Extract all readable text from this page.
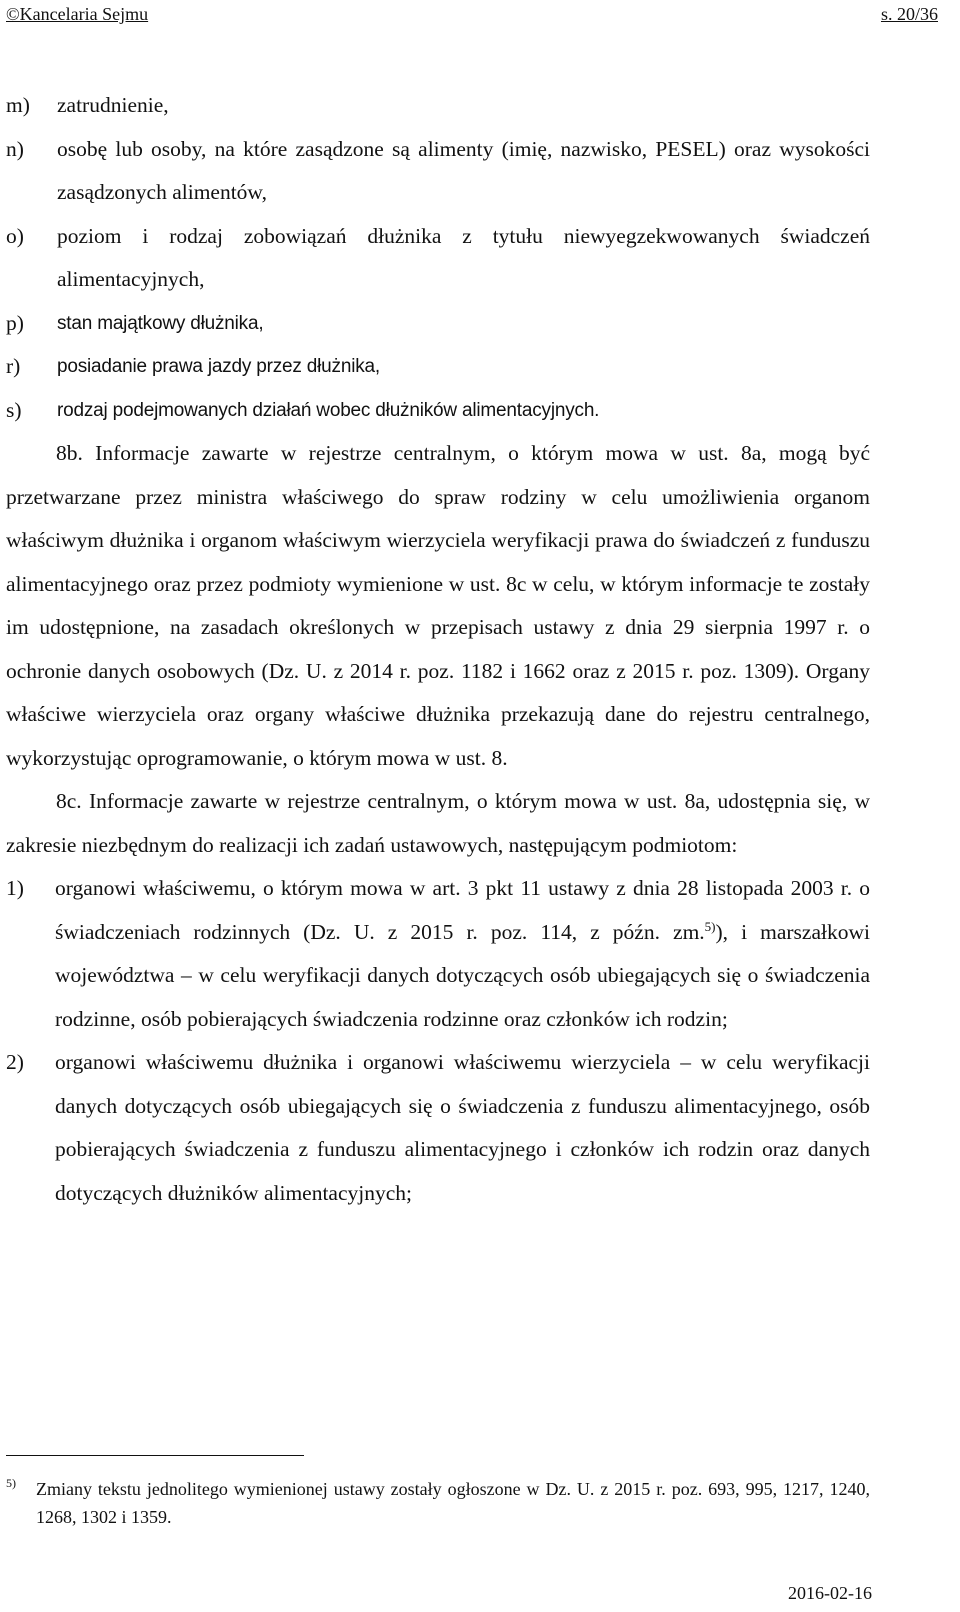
©Kancelaria Sejmu	s. 20/36
m)	zatrudnienie,
n)	osobę lub osoby, na które zasądzone są alimenty (imię, nazwisko, PESEL) oraz wysokości zasądzonych alimentów,
o)	poziom i rodzaj zobowiązań dłużnika z tytułu niewyegzekwowanych świadczeń alimentacyjnych,
p)	stan majątkowy dłużnika,
r)	posiadanie prawa jazdy przez dłużnika,
s)	rodzaj podejmowanych działań wobec dłużników alimentacyjnych.
8b. Informacje zawarte w rejestrze centralnym, o którym mowa w ust. 8a, mogą być przetwarzane przez ministra właściwego do spraw rodziny w celu umożliwienia organom właściwym dłużnika i organom właściwym wierzyciela weryfikacji prawa do świadczeń z funduszu alimentacyjnego oraz przez podmioty wymienione w ust. 8c w celu, w którym informacje te zostały im udostępnione, na zasadach określonych w przepisach ustawy z dnia 29 sierpnia 1997 r. o ochronie danych osobowych (Dz. U. z 2014 r. poz. 1182 i 1662 oraz z 2015 r. poz. 1309). Organy właściwe wierzyciela oraz organy właściwe dłużnika przekazują dane do rejestru centralnego, wykorzystując oprogramowanie, o którym mowa w ust. 8.
8c. Informacje zawarte w rejestrze centralnym, o którym mowa w ust. 8a, udostępnia się, w zakresie niezbędnym do realizacji ich zadań ustawowych, następującym podmiotom:
1)	organowi właściwemu, o którym mowa w art. 3 pkt 11 ustawy z dnia 28 listopada 2003 r. o świadczeniach rodzinnych (Dz. U. z 2015 r. poz. 114, z późn. zm.$^{5)}$), i marszałkowi województwa – w celu weryfikacji danych dotyczących osób ubiegających się o świadczenia rodzinne, osób pobierających świadczenia rodzinne oraz członków ich rodzin;
2)	organowi właściwemu dłużnika i organowi właściwemu wierzyciela – w celu weryfikacji danych dotyczących osób ubiegających się o świadczenia z funduszu alimentacyjnego, osób pobierających świadczenia z funduszu alimentacyjnego i członków ich rodzin oraz danych dotyczących dłużników alimentacyjnych;
5)	Zmiany tekstu jednolitego wymienionej ustawy zostały ogłoszone w Dz. U. z 2015 r. poz. 693, 995, 1217, 1240, 1268, 1302 i 1359.
2016-02-16
